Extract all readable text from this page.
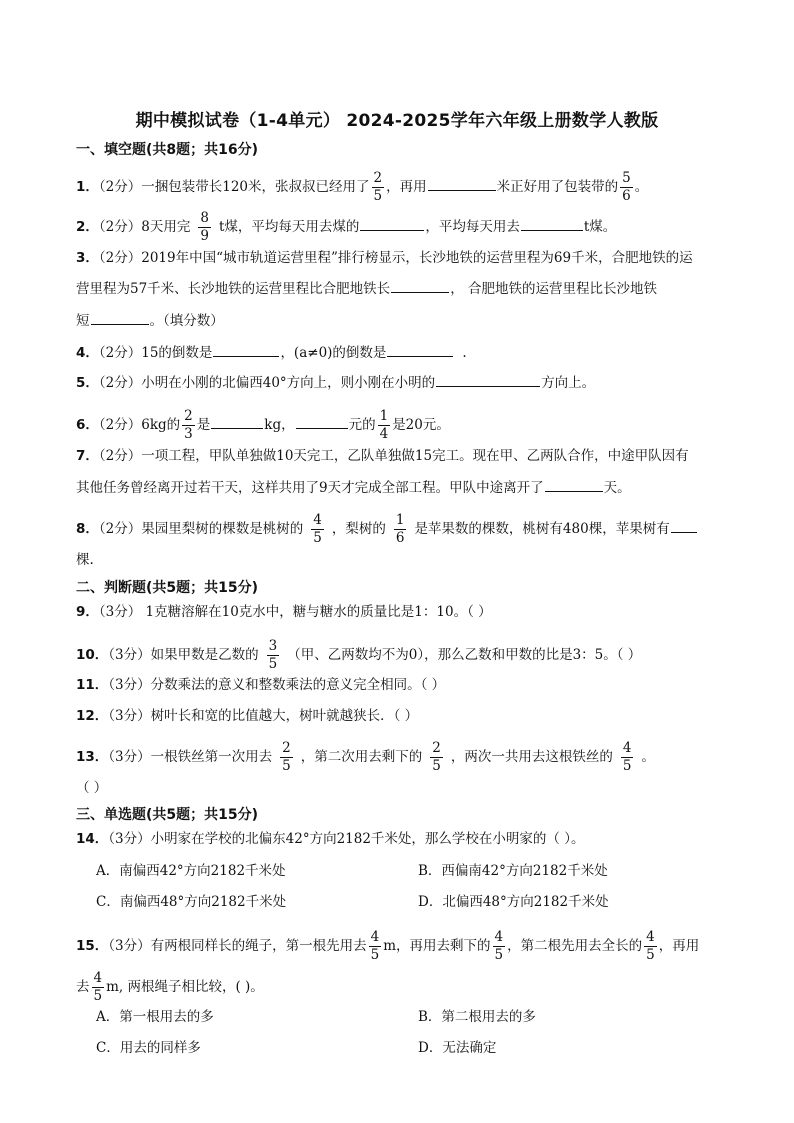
期中模拟试卷（1-4单元） 2024-2025学年六年级上册数学人教版
一、填空题(共8题；共16分)
1．（2分）一捆包装带长120米，张叔叔已经用了 $\frac{2}{5}$ ，再用	米正好用了包装带的 $\frac{5}{6}$ 。
2．（2分）8天用完 $\frac{8}{9}$ t煤，平均每天用去煤的	，平均每天用去	t煤。
3．（2分）2019年中国“城市轨道运营里程”排行榜显示，长沙地铁的运营里程为69千米，合肥地铁的运
营里程为57千米、长沙地铁的运营里程比合肥地铁长	， 合肥地铁的运营里程比长沙地铁
短	。（填分数）
4．（2分）15的倒数是	，(a≠0)的倒数是	.
5．（2分）小明在小刚的北偏西40°方向上，则小刚在小明的	方向上。
6．（2分）6kg的 $\frac{2}{3}$ 是	kg，	元的 $\frac{1}{4}$ 是20元。
7．（2分）一项工程，甲队单独做10天完工，乙队单独做15完工。现在甲、乙两队合作，中途甲队因有
其他任务曾经离开过若干天，这样共用了9天才完成全部工程。甲队中途离开了	天。
8．（2分）果园里梨树的棵数是桃树的 $\frac{4}{5}$ ，梨树的 $\frac{1}{6}$ 是苹果数的棵数，桃树有480棵，苹果树有
棵.
二、判断题(共5题；共15分)
9．（3分） 1克糖溶解在10克水中，糖与糖水的质量比是1：10。（ ）
10．（3分）如果甲数是乙数的 $\frac{3}{5}$ （甲、乙两数均不为0），那么乙数和甲数的比是3：5。（ ）
11．（3分）分数乘法的意义和整数乘法的意义完全相同。（ ）
12．（3分）树叶长和宽的比值越大，树叶就越狭长．（ ）
13．（3分）一根铁丝第一次用去 $\frac{2}{5}$ ，第二次用去剩下的 $\frac{2}{5}$ ，两次一共用去这根铁丝的 $\frac{4}{5}$ 。
（ ）
三、单选题(共5题；共15分)
14．（3分）小明家在学校的北偏东42°方向2182千米处，那么学校在小明家的（ ）。
A．南偏西42°方向2182千米处	B．西偏南42°方向2182千米处
C．南偏西48°方向2182千米处	D．北偏西48°方向2182千米处
15．（3分）有两根同样长的绳子，第一根先用去 $\frac{4}{5}$ m，再用去剩下的 $\frac{4}{5}$ ，第二根先用去全长的 $\frac{4}{5}$ ，再用
去 $\frac{4}{5} m$, 两根绳子相比较，( )。
A．第一根用去的多	B．第二根用去的多
C．用去的同样多	D．无法确定
